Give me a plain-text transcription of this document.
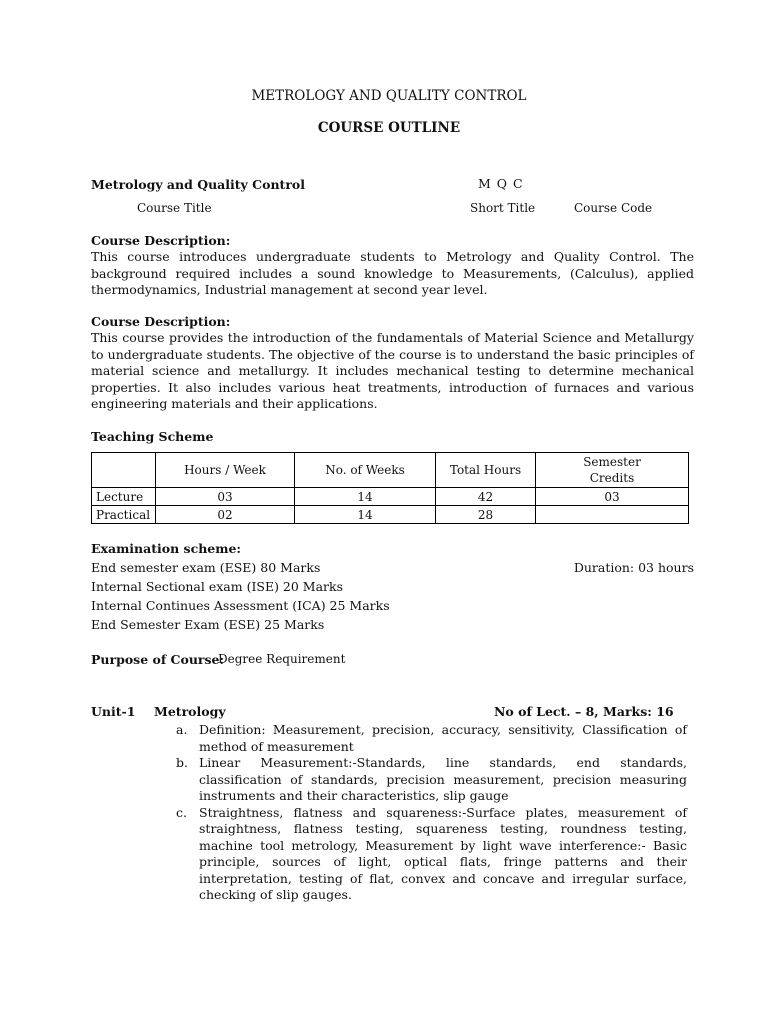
METROLOGY AND QUALITY CONTROL
COURSE OUTLINE
Metrology and Quality Control	M Q C
Course Title	Short Title	Course Code
Course Description:

This course introduces undergraduate students to Metrology and Quality Control. The background required includes a sound knowledge to Measurements, (Calculus), applied thermodynamics, Industrial management at second year level.

Course Description:

This course provides the introduction of the fundamentals of Material Science and Metallurgy to undergraduate students. The objective of the course is to understand the basic principles of material science and metallurgy. It includes mechanical testing to determine mechanical properties. It also includes various heat treatments, introduction of furnaces and various engineering materials and their applications.

Teaching Scheme
	Hours / Week	No. of Weeks	Total Hours	Semester Credits
Lecture	03	14	42	03
Practical	02	14	28	
Examination scheme:
End semester exam (ESE) 80 Marks
Internal Sectional exam (ISE) 20 Marks
Internal Continues Assessment (ICA) 25 Marks
End Semester Exam (ESE) 25 Marks
Duration: 03 hours
Purpose of Course:
Degree Requirement
Unit-1 Metrology	No of Lect. – 8, Marks: 16
a. Definition: Measurement, precision, accuracy, sensitivity, Classification of method of measurement
b. Linear Measurement:-Standards, line standards, end standards, classification of standards, precision measurement, precision measuring instruments and their characteristics, slip gauge
c. Straightness, flatness and squareness:-Surface plates, measurement of straightness, flatness testing, squareness testing, roundness testing, machine tool metrology, Measurement by light wave interference:- Basic principle, sources of light, optical flats, fringe patterns and their interpretation, testing of flat, convex and concave and irregular surface, checking of slip gauges.
